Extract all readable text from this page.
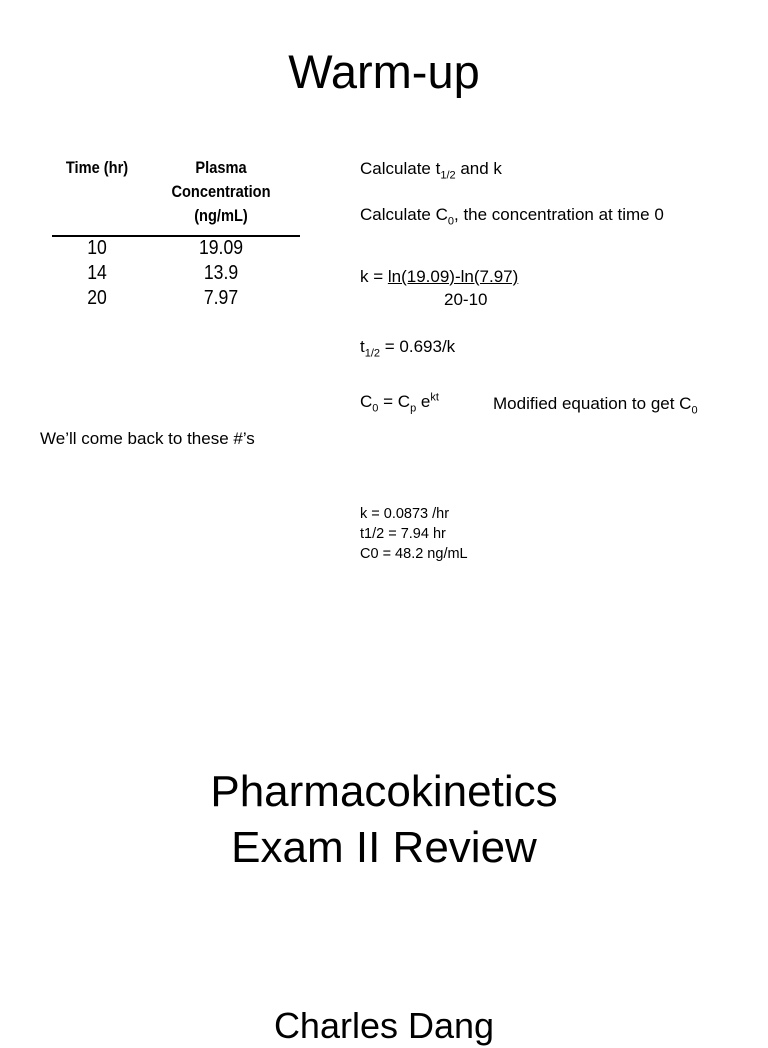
Warm-up
Time (hr)	Plasma
Concentration
(ng/mL)
10	19.09
14	13.9
20	7.97
We’ll come back to these #’s
Calculate $t_{1/2}$ and k
Calculate $C_0$, the concentration at time 0
k = ln(19.09)-ln(7.97)
20-10
$t_{1/2} = 0.693/k$
$C_0 = C_p$ $e^{kt}$	Modified equation to get $C_0$
k = 0.0873 /hr
t1/2 = 7.94 hr
C0 = 48.2 ng/mL
Pharmacokinetics
Exam II Review
Charles Dang
